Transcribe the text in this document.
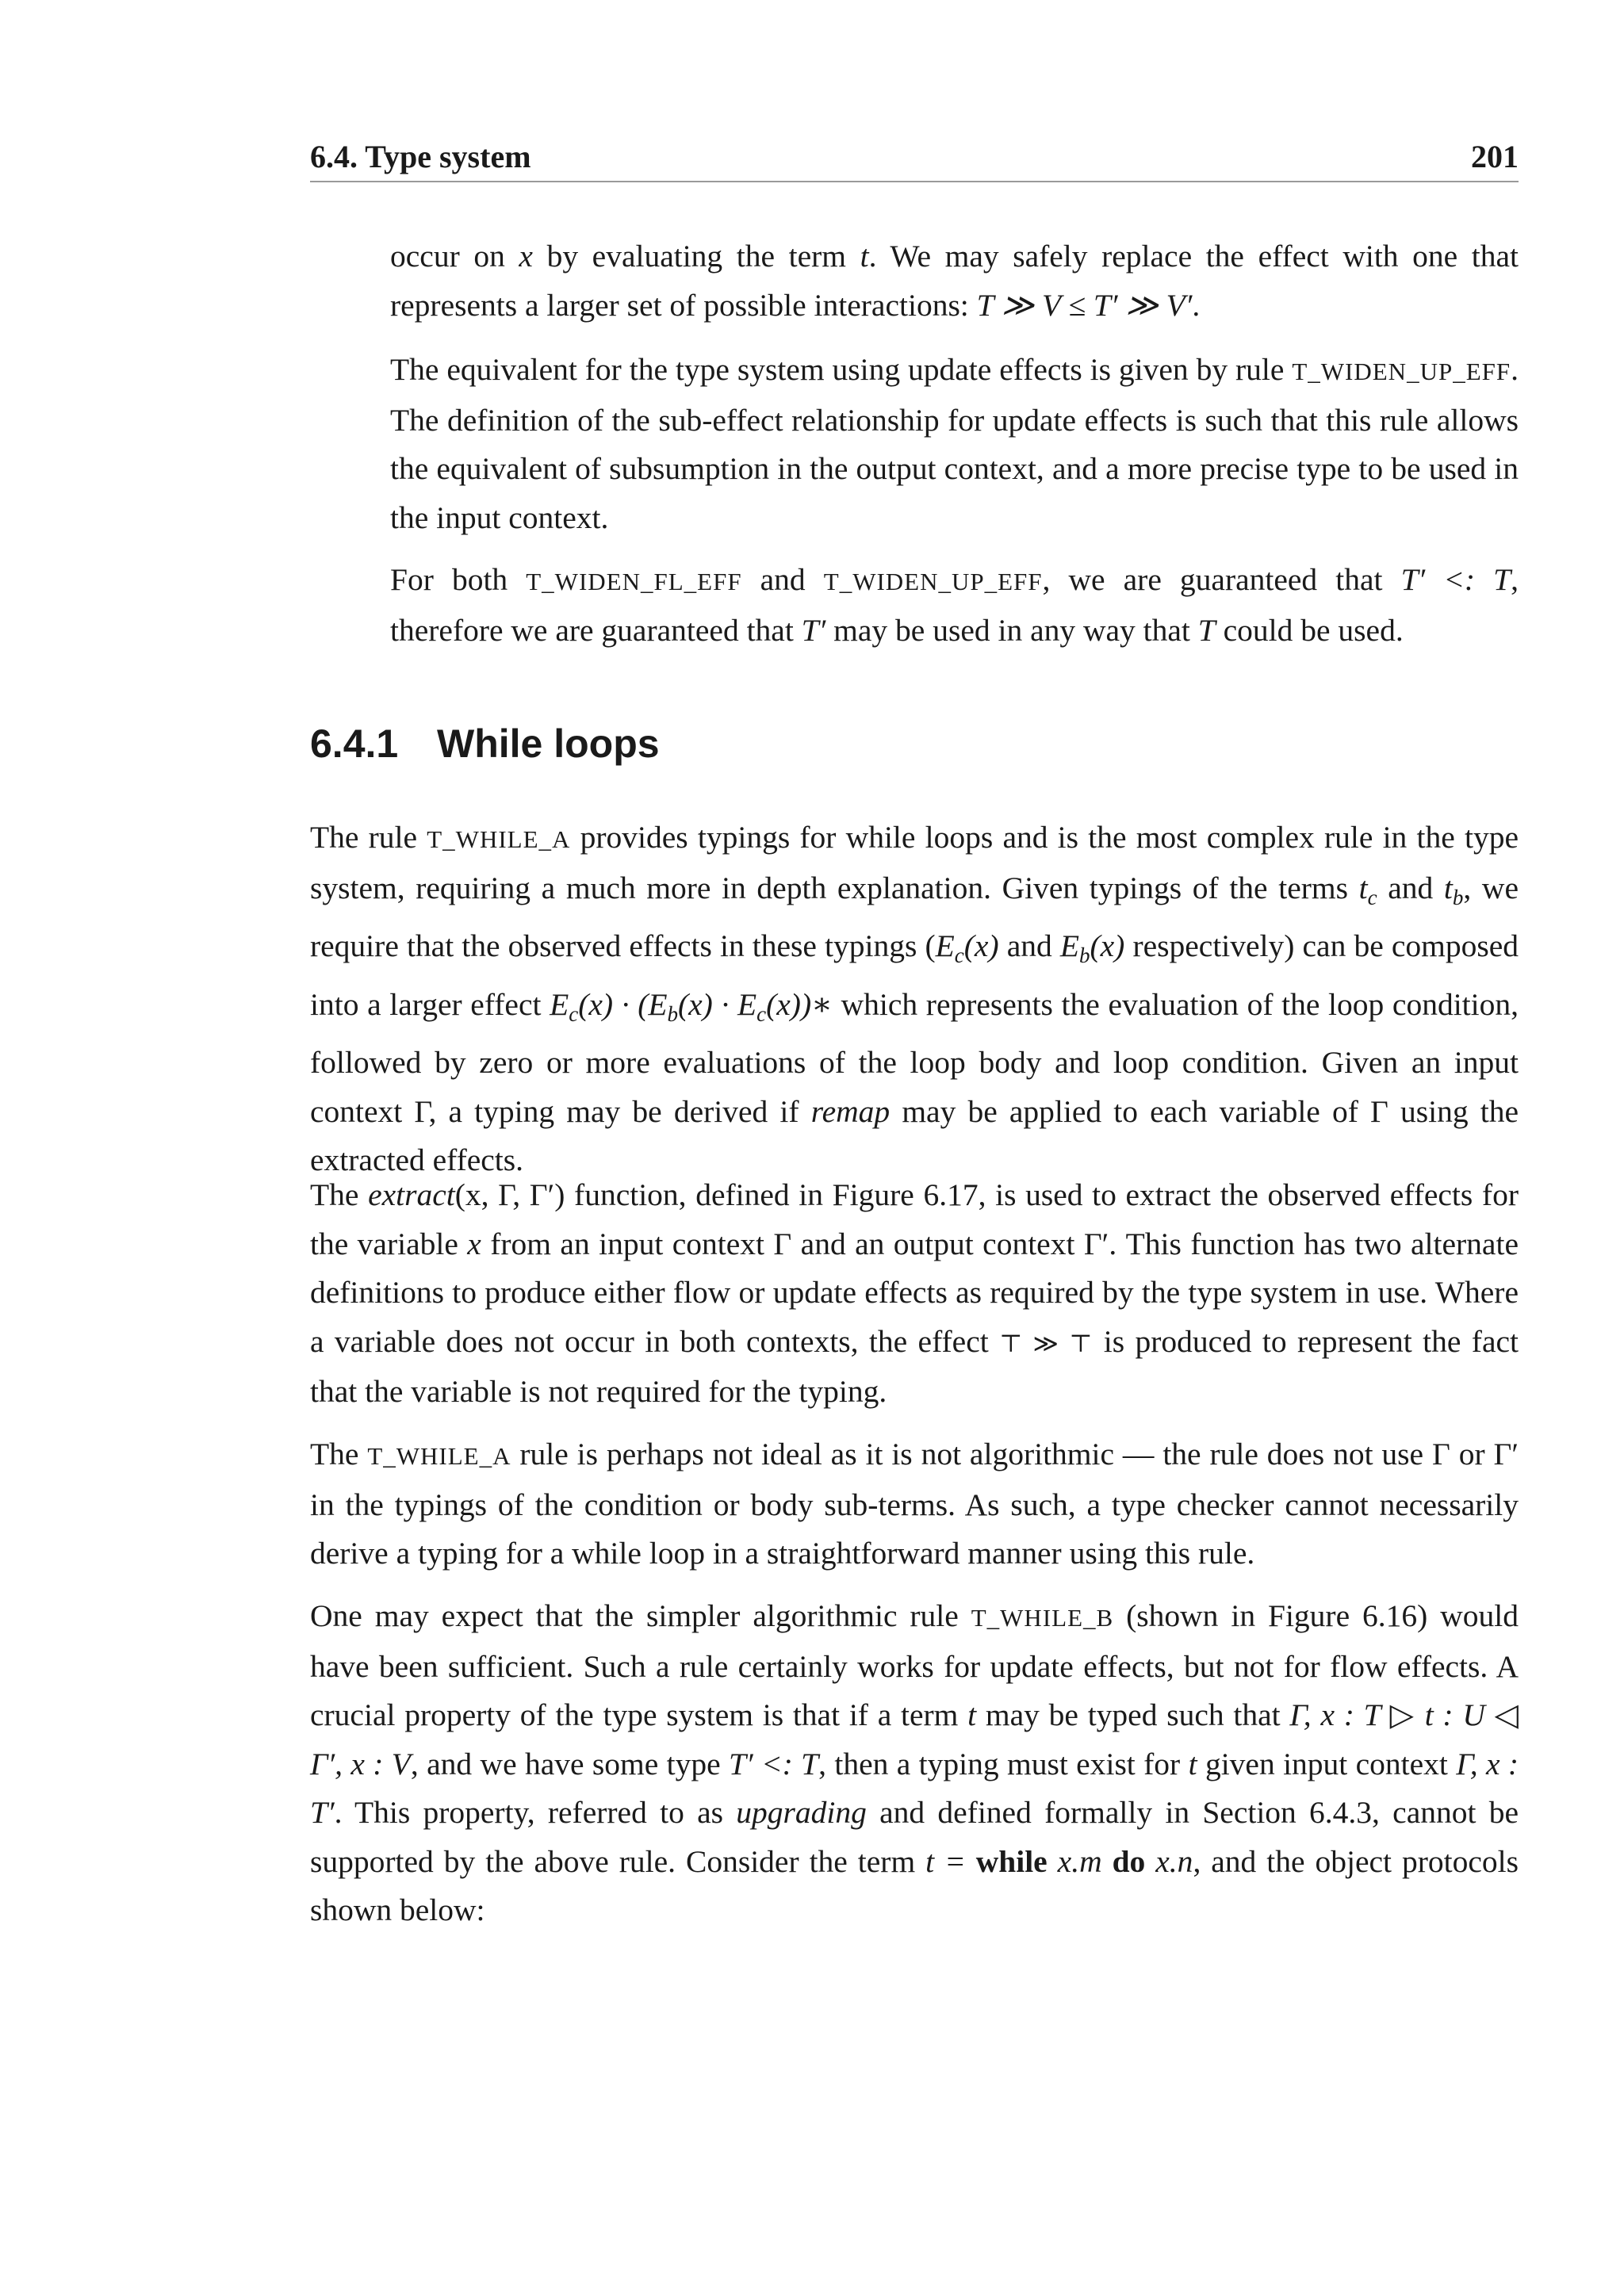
6.4. Type system	201

occur on x by evaluating the term t. We may safely replace the effect with one that represents a larger set of possible interactions: T ≫ V ≤ T′ ≫ V′.

The equivalent for the type system using update effects is given by rule T_WIDEN_UP_EFF. The definition of the sub-effect relationship for update effects is such that this rule allows the equivalent of subsumption in the output context, and a more precise type to be used in the input context.

For both T_WIDEN_FL_EFF and T_WIDEN_UP_EFF, we are guaranteed that T′ <: T, therefore we are guaranteed that T′ may be used in any way that T could be used.

6.4.1 While loops

The rule T_WHILE_A provides typings for while loops and is the most complex rule in the type system, requiring a much more in depth explanation. Given typings of the terms $t_c$ and $t_b$, we require that the observed effects in these typings ($E_c(x)$ and $E_b(x)$ respectively) can be composed into a larger effect $E_c(x) \cdot (E_b(x)$ · $E_c(x))∗$ which represents the evaluation of the loop condition, followed by zero or more evaluations of the loop body and loop condition. Given an input context Γ, a typing may be derived if remap may be applied to each variable of Γ using the extracted effects.

The extract(x, Γ, Γ′) function, defined in Figure 6.17, is used to extract the observed effects for the variable x from an input context Γ and an output context Γ′. This function has two alternate definitions to produce either flow or update effects as required by the type system in use. Where a variable does not occur in both contexts, the effect ⊤ ≫ ⊤ is produced to represent the fact that the variable is not required for the typing.

The T_WHILE_A rule is perhaps not ideal as it is not algorithmic — the rule does not use Γ or Γ′ in the typings of the condition or body sub-terms. As such, a type checker cannot necessarily derive a typing for a while loop in a straightforward manner using this rule.

One may expect that the simpler algorithmic rule T_WHILE_B (shown in Figure 6.16) would have been sufficient. Such a rule certainly works for update effects, but not for flow effects. A crucial property of the type system is that if a term t may be typed such that Γ, x : T ▷ t : U ◁ Γ′, x : V, and we have some type T′ <: T, then a typing must exist for t given input context Γ, x : T′. This property, referred to as upgrading and defined formally in Section 6.4.3, cannot be supported by the above rule. Consider the term t = while x.m do x.n, and the object protocols shown below:
